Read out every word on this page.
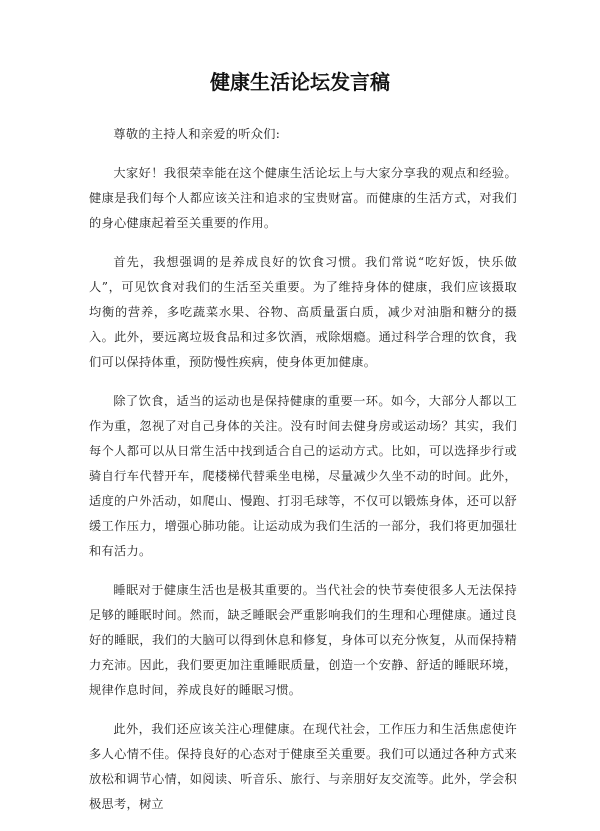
健康生活论坛发言稿

尊敬的主持人和亲爱的听众们:

大家好！我很荣幸能在这个健康生活论坛上与大家分享我的观点和经验。健康是我们每个人都应该关注和追求的宝贵财富。而健康的生活方式，对我们的身心健康起着至关重要的作用。

首先，我想强调的是养成良好的饮食习惯。我们常说“吃好饭，快乐做人”，可见饮食对我们的生活至关重要。为了维持身体的健康，我们应该摄取均衡的营养，多吃蔬菜水果、谷物、高质量蛋白质，减少对油脂和糖分的摄入。此外，要远离垃圾食品和过多饮酒，戒除烟瘾。通过科学合理的饮食，我们可以保持体重，预防慢性疾病，使身体更加健康。

除了饮食，适当的运动也是保持健康的重要一环。如今，大部分人都以工作为重，忽视了对自己身体的关注。没有时间去健身房或运动场？其实，我们每个人都可以从日常生活中找到适合自己的运动方式。比如，可以选择步行或骑自行车代替开车，爬楼梯代替乘坐电梯，尽量减少久坐不动的时间。此外，适度的户外活动，如爬山、慢跑、打羽毛球等，不仅可以锻炼身体，还可以舒缓工作压力，增强心肺功能。让运动成为我们生活的一部分，我们将更加强壮和有活力。

睡眠对于健康生活也是极其重要的。当代社会的快节奏使很多人无法保持足够的睡眠时间。然而，缺乏睡眠会严重影响我们的生理和心理健康。通过良好的睡眠，我们的大脑可以得到休息和修复，身体可以充分恢复，从而保持精力充沛。因此，我们要更加注重睡眠质量，创造一个安静、舒适的睡眠环境，规律作息时间，养成良好的睡眠习惯。

此外，我们还应该关注心理健康。在现代社会，工作压力和生活焦虑使许多人心情不佳。保持良好的心态对于健康至关重要。我们可以通过各种方式来放松和调节心情，如阅读、听音乐、旅行、与亲朋好友交流等。此外，学会积极思考，树立
